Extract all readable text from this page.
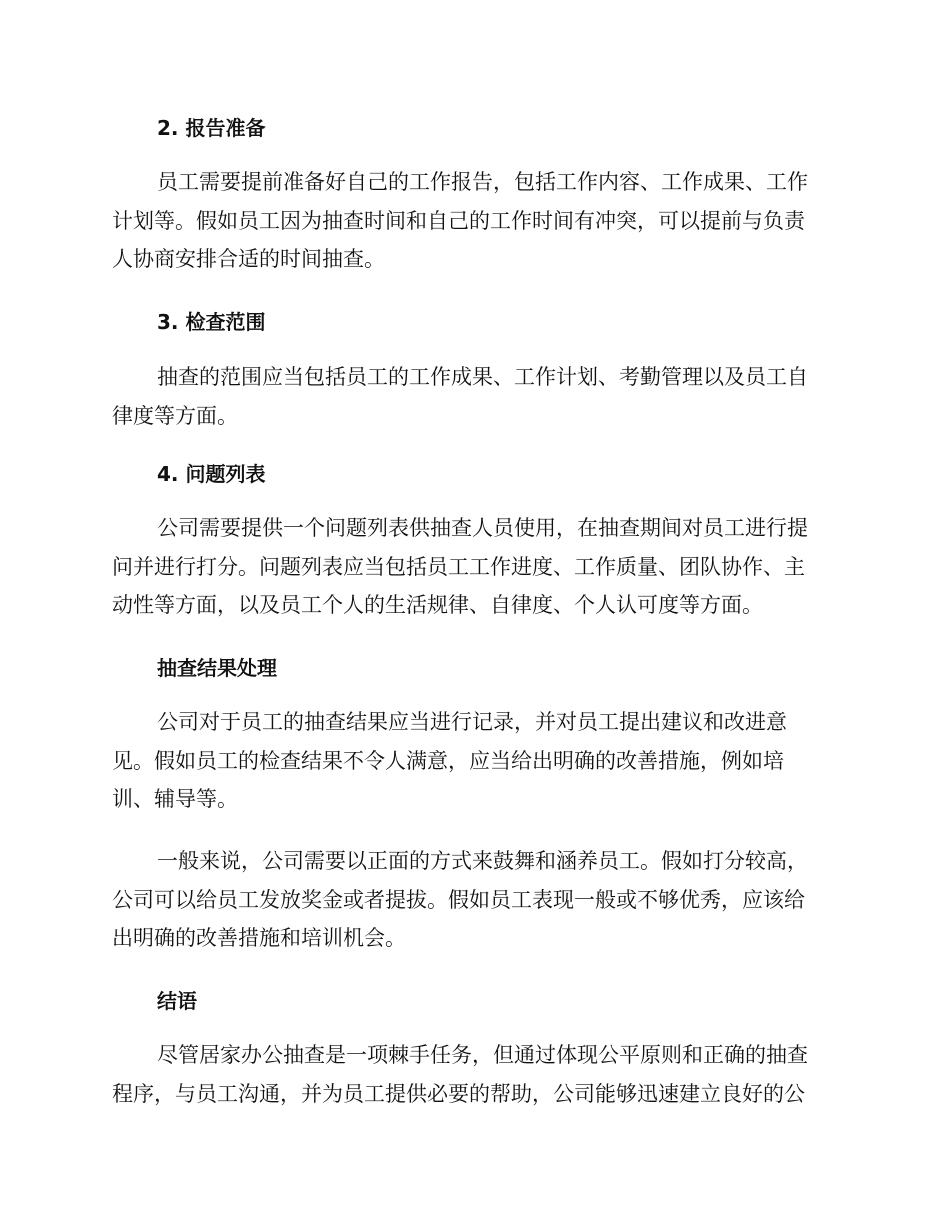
2. 报告准备
员工需要提前准备好自己的工作报告，包括工作内容、工作成果、工作
计划等。假如员工因为抽查时间和自己的工作时间有冲突，可以提前与负责
人协商安排合适的时间抽查。
3. 检查范围
抽查的范围应当包括员工的工作成果、工作计划、考勤管理以及员工自
律度等方面。
4. 问题列表
公司需要提供一个问题列表供抽查人员使用，在抽查期间对员工进行提
问并进行打分。问题列表应当包括员工工作进度、工作质量、团队协作、主
动性等方面，以及员工个人的生活规律、自律度、个人认可度等方面。
抽查结果处理
公司对于员工的抽查结果应当进行记录，并对员工提出建议和改进意
见。假如员工的检查结果不令人满意，应当给出明确的改善措施，例如培
训、辅导等。
一般来说，公司需要以正面的方式来鼓舞和涵养员工。假如打分较高，
公司可以给员工发放奖金或者提拔。假如员工表现一般或不够优秀，应该给
出明确的改善措施和培训机会。
结语
尽管居家办公抽查是一项棘手任务，但通过体现公平原则和正确的抽查
程序，与员工沟通，并为员工提供必要的帮助，公司能够迅速建立良好的公
